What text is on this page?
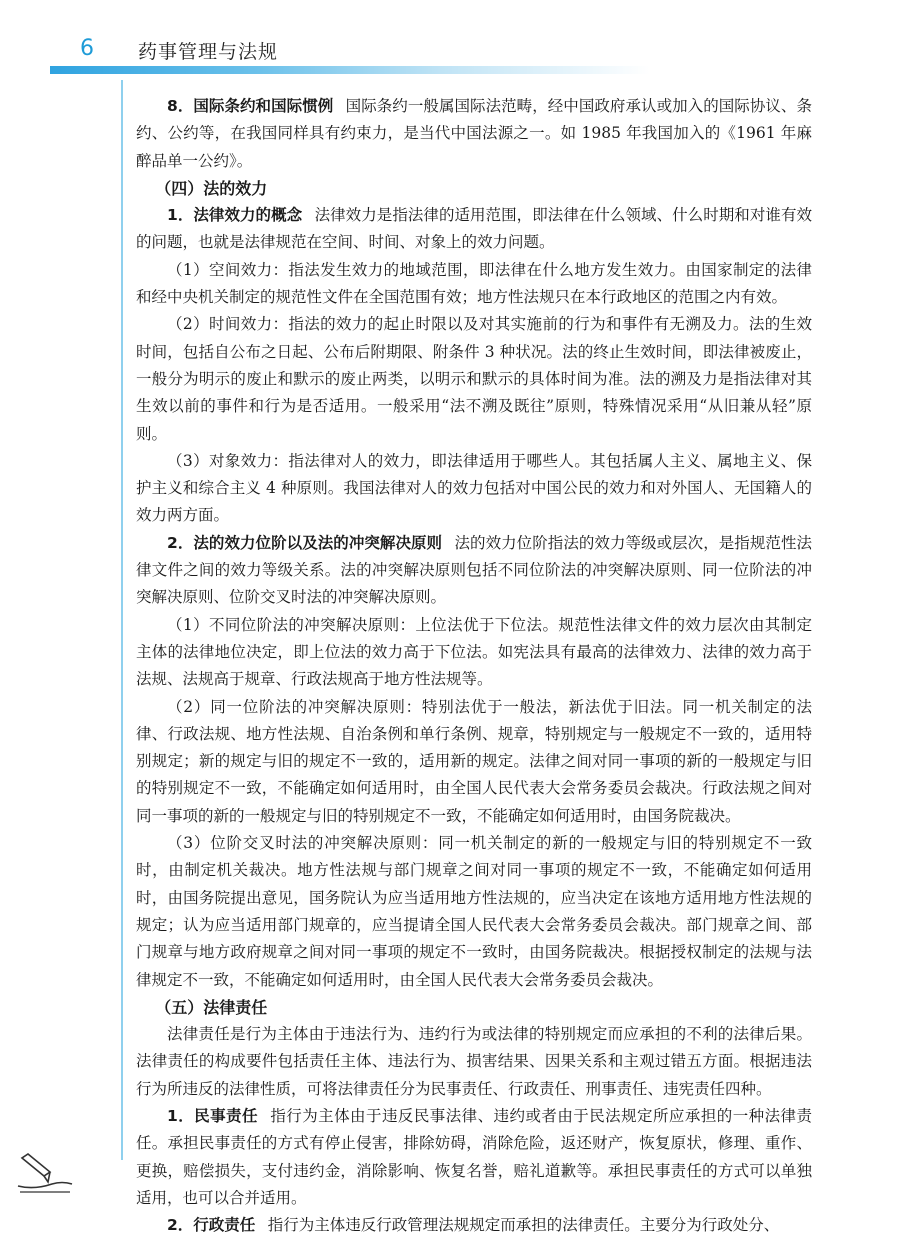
6 药事管理与法规

8．国际条约和国际惯例 国际条约一般属国际法范畴，经中国政府承认或加入的国际协议、条约、公约等，在我国同样具有约束力，是当代中国法源之一。如 1985 年我国加入的《1961 年麻醉品单一公约》。

（四）法的效力

1．法律效力的概念 法律效力是指法律的适用范围，即法律在什么领域、什么时期和对谁有效的问题，也就是法律规范在空间、时间、对象上的效力问题。

（1）空间效力：指法发生效力的地域范围，即法律在什么地方发生效力。由国家制定的法律和经中央机关制定的规范性文件在全国范围有效；地方性法规只在本行政地区的范围之内有效。

（2）时间效力：指法的效力的起止时限以及对其实施前的行为和事件有无溯及力。法的生效时间，包括自公布之日起、公布后附期限、附条件 3 种状况。法的终止生效时间，即法律被废止，一般分为明示的废止和默示的废止两类，以明示和默示的具体时间为准。法的溯及力是指法律对其生效以前的事件和行为是否适用。一般采用“法不溯及既往”原则，特殊情况采用“从旧兼从轻”原则。

（3）对象效力：指法律对人的效力，即法律适用于哪些人。其包括属人主义、属地主义、保护主义和综合主义 4 种原则。我国法律对人的效力包括对中国公民的效力和对外国人、无国籍人的效力两方面。

2．法的效力位阶以及法的冲突解决原则 法的效力位阶指法的效力等级或层次，是指规范性法律文件之间的效力等级关系。法的冲突解决原则包括不同位阶法的冲突解决原则、同一位阶法的冲突解决原则、位阶交叉时法的冲突解决原则。

（1）不同位阶法的冲突解决原则：上位法优于下位法。规范性法律文件的效力层次由其制定主体的法律地位决定，即上位法的效力高于下位法。如宪法具有最高的法律效力、法律的效力高于法规、法规高于规章、行政法规高于地方性法规等。

（2）同一位阶法的冲突解决原则：特别法优于一般法，新法优于旧法。同一机关制定的法律、行政法规、地方性法规、自治条例和单行条例、规章，特别规定与一般规定不一致的，适用特别规定；新的规定与旧的规定不一致的，适用新的规定。法律之间对同一事项的新的一般规定与旧的特别规定不一致，不能确定如何适用时，由全国人民代表大会常务委员会裁决。行政法规之间对同一事项的新的一般规定与旧的特别规定不一致，不能确定如何适用时，由国务院裁决。

（3）位阶交叉时法的冲突解决原则：同一机关制定的新的一般规定与旧的特别规定不一致时，由制定机关裁决。地方性法规与部门规章之间对同一事项的规定不一致，不能确定如何适用时，由国务院提出意见，国务院认为应当适用地方性法规的，应当决定在该地方适用地方性法规的规定；认为应当适用部门规章的，应当提请全国人民代表大会常务委员会裁决。部门规章之间、部门规章与地方政府规章之间对同一事项的规定不一致时，由国务院裁决。根据授权制定的法规与法律规定不一致，不能确定如何适用时，由全国人民代表大会常务委员会裁决。

（五）法律责任

法律责任是行为主体由于违法行为、违约行为或法律的特别规定而应承担的不利的法律后果。法律责任的构成要件包括责任主体、违法行为、损害结果、因果关系和主观过错五方面。根据违法行为所违反的法律性质，可将法律责任分为民事责任、行政责任、刑事责任、违宪责任四种。

1．民事责任 指行为主体由于违反民事法律、违约或者由于民法规定所应承担的一种法律责任。承担民事责任的方式有停止侵害，排除妨碍，消除危险，返还财产，恢复原状，修理、重作、更换，赔偿损失，支付违约金，消除影响、恢复名誉，赔礼道歉等。承担民事责任的方式可以单独适用，也可以合并适用。

2．行政责任 指行为主体违反行政管理法规规定而承担的法律责任。主要分为行政处分、
